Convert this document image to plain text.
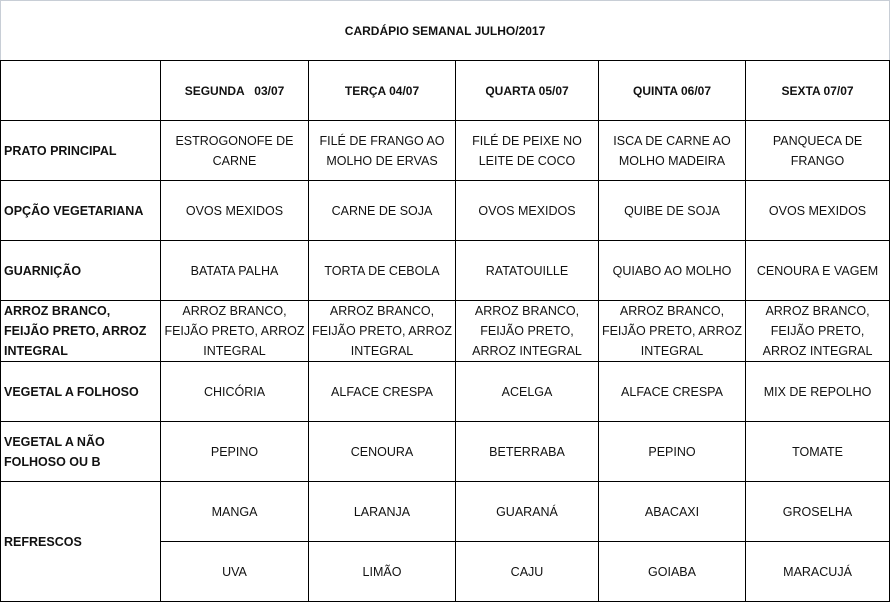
CARDÁPIO SEMANAL JULHO/2017					
	SEGUNDA   03/07	TERÇA 04/07	QUARTA 05/07	QUINTA 06/07	SEXTA 07/07
PRATO PRINCIPAL	ESTROGONOFE DE CARNE	FILÉ DE FRANGO AO MOLHO DE ERVAS	FILÉ DE PEIXE NO LEITE DE COCO	ISCA DE CARNE AO MOLHO MADEIRA	PANQUECA DE FRANGO
OPÇÃO VEGETARIANA	OVOS MEXIDOS	CARNE DE SOJA	OVOS MEXIDOS	QUIBE DE SOJA	OVOS MEXIDOS
GUARNIÇÃO	BATATA PALHA	TORTA DE CEBOLA	RATATOUILLE	QUIABO AO MOLHO	CENOURA E VAGEM
ARROZ BRANCO, FEIJÃO PRETO, ARROZ INTEGRAL	ARROZ BRANCO, FEIJÃO PRETO, ARROZ INTEGRAL	ARROZ BRANCO, FEIJÃO PRETO, ARROZ INTEGRAL	ARROZ BRANCO, FEIJÃO PRETO, ARROZ INTEGRAL	ARROZ BRANCO, FEIJÃO PRETO, ARROZ INTEGRAL	ARROZ BRANCO, FEIJÃO PRETO, ARROZ INTEGRAL
VEGETAL A FOLHOSO	CHICÓRIA	ALFACE CRESPA	ACELGA	ALFACE CRESPA	MIX DE REPOLHO
VEGETAL A NÃO FOLHOSO OU B	PEPINO	CENOURA	BETERRABA	PEPINO	TOMATE
REFRESCOS	MANGA	LARANJA	GUARANÁ	ABACAXI	GROSELHA
	UVA	LIMÃO	CAJU	GOIABA	MARACUJÁ
